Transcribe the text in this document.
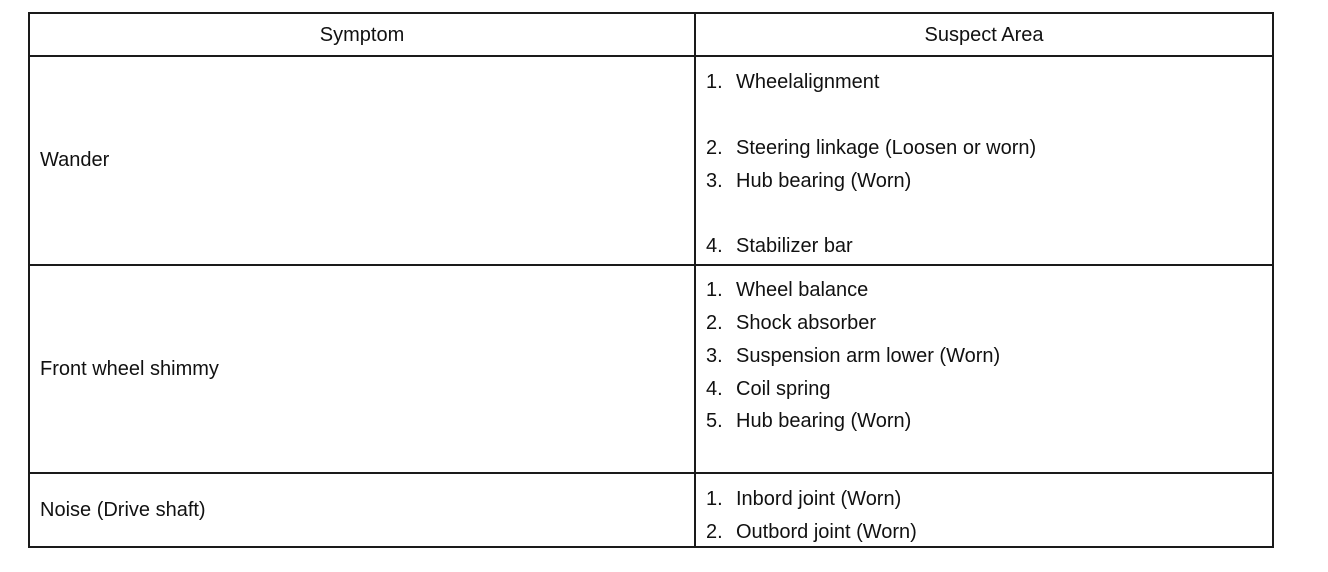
Symptom	Suspect Area
Wander
1. Wheelalignment
2. Steering linkage (Loosen or worn)
3. Hub bearing (Worn)
4. Stabilizer bar
Front wheel shimmy
1. Wheel balance
2. Shock absorber
3. Suspension arm lower (Worn)
4. Coil spring
5. Hub bearing (Worn)
Noise (Drive shaft)	1. Inbord joint (Worn)
2. Outbord joint (Worn)
